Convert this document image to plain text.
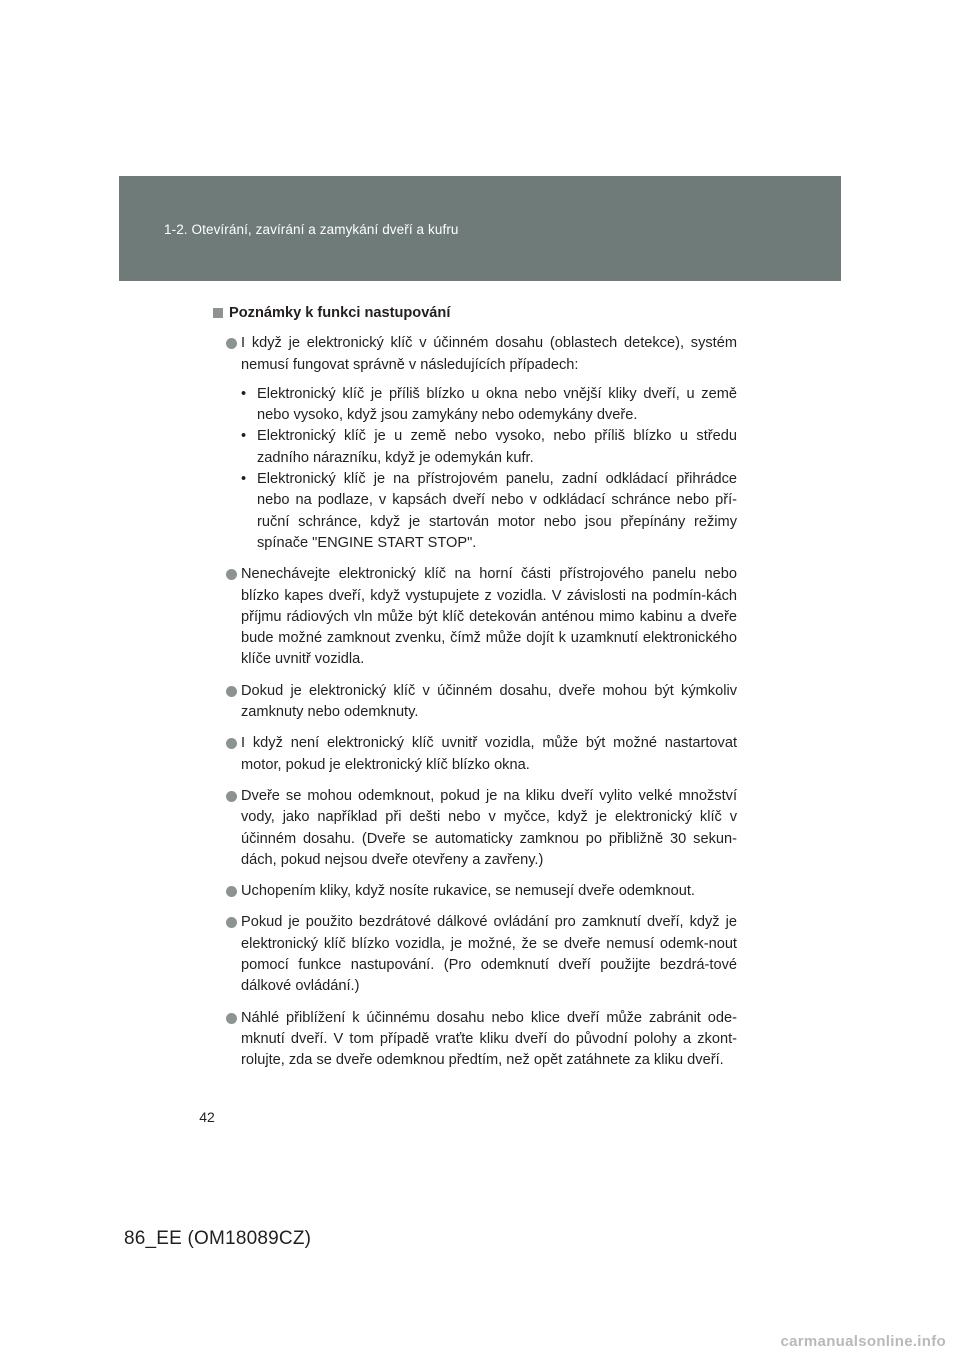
1-2. Otevírání, zavírání a zamykání dveří a kufru
Poznámky k funkci nastupování
I když je elektronický klíč v účinném dosahu (oblastech detekce), systém nemusí fungovat správně v následujících případech:
• Elektronický klíč je příliš blízko u okna nebo vnější kliky dveří, u země nebo vysoko, když jsou zamykány nebo odemykány dveře.
• Elektronický klíč je u země nebo vysoko, nebo příliš blízko u středu zadního nárazníku, když je odemykán kufr.
• Elektronický klíč je na přístrojovém panelu, zadní odkládací přihrádce nebo na podlaze, v kapsách dveří nebo v odkládací schránce nebo pří-ruční schránce, když je startován motor nebo jsou přepínány režimy spínače "ENGINE START STOP".
Nenechávejte elektronický klíč na horní části přístrojového panelu nebo blízko kapes dveří, když vystupujete z vozidla. V závislosti na podmín-kách příjmu rádiových vln může být klíč detekován anténou mimo kabinu a dveře bude možné zamknout zvenku, čímž může dojít k uzamknutí elektronického klíče uvnitř vozidla.
Dokud je elektronický klíč v účinném dosahu, dveře mohou být kýmkoliv zamknuty nebo odemknuty.
I když není elektronický klíč uvnitř vozidla, může být možné nastartovat motor, pokud je elektronický klíč blízko okna.
Dveře se mohou odemknout, pokud je na kliku dveří vylito velké množství vody, jako například při dešti nebo v myčce, když je elektronický klíč v účinném dosahu. (Dveře se automaticky zamknou po přibližně 30 sekun-dách, pokud nejsou dveře otevřeny a zavřeny.)
Uchopením kliky, když nosíte rukavice, se nemusejí dveře odemknout.
Pokud je použito bezdrátové dálkové ovládání pro zamknutí dveří, když je elektronický klíč blízko vozidla, je možné, že se dveře nemusí odemk-nout pomocí funkce nastupování. (Pro odemknutí dveří použijte bezdrá-tové dálkové ovládání.)
Náhlé přiblížení k účinnému dosahu nebo klice dveří může zabránit ode-mknutí dveří. V tom případě vraťte kliku dveří do původní polohy a zkont-rolujte, zda se dveře odemknou předtím, než opět zatáhnete za kliku dveří.
42
86_EE (OM18089CZ)
carmanualsonline.info
